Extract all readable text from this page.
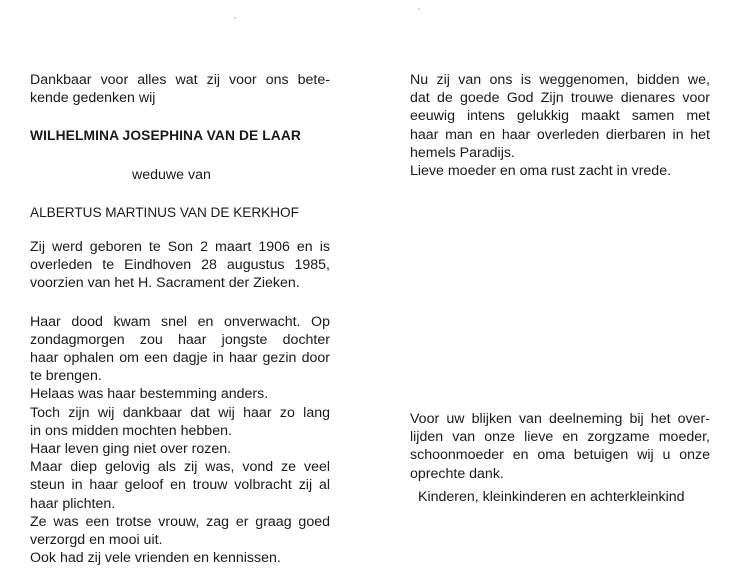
Dankbaar voor alles wat zij voor ons bete-
kende gedenken wij
WILHELMINA JOSEPHINA VAN DE LAAR
weduwe van
ALBERTUS MARTINUS VAN DE KERKHOF
Zij werd geboren te Son 2 maart 1906 en is
overleden te Eindhoven 28 augustus 1985,
voorzien van het H. Sacrament der Zieken.
Haar dood kwam snel en onverwacht. Op
zondagmorgen zou haar jongste dochter
haar ophalen om een dagje in haar gezin door
te brengen.
Helaas was haar bestemming anders.
Toch zijn wij dankbaar dat wij haar zo lang
in ons midden mochten hebben.
Haar leven ging niet over rozen.
Maar diep gelovig als zij was, vond ze veel
steun in haar geloof en trouw volbracht zij al
haar plichten.
Ze was een trotse vrouw, zag er graag goed
verzorgd en mooi uit.
Ook had zij vele vrienden en kennissen.
Nu zij van ons is weggenomen, bidden we,
dat de goede God Zijn trouwe dienares voor
eeuwig intens gelukkig maakt samen met
haar man en haar overleden dierbaren in het
hemels Paradijs.
Lieve moeder en oma rust zacht in vrede.
Voor uw blijken van deelneming bij het over-
lijden van onze lieve en zorgzame moeder,
schoonmoeder en oma betuigen wij u onze
oprechte dank.
Kinderen, kleinkinderen en achterkleinkind
